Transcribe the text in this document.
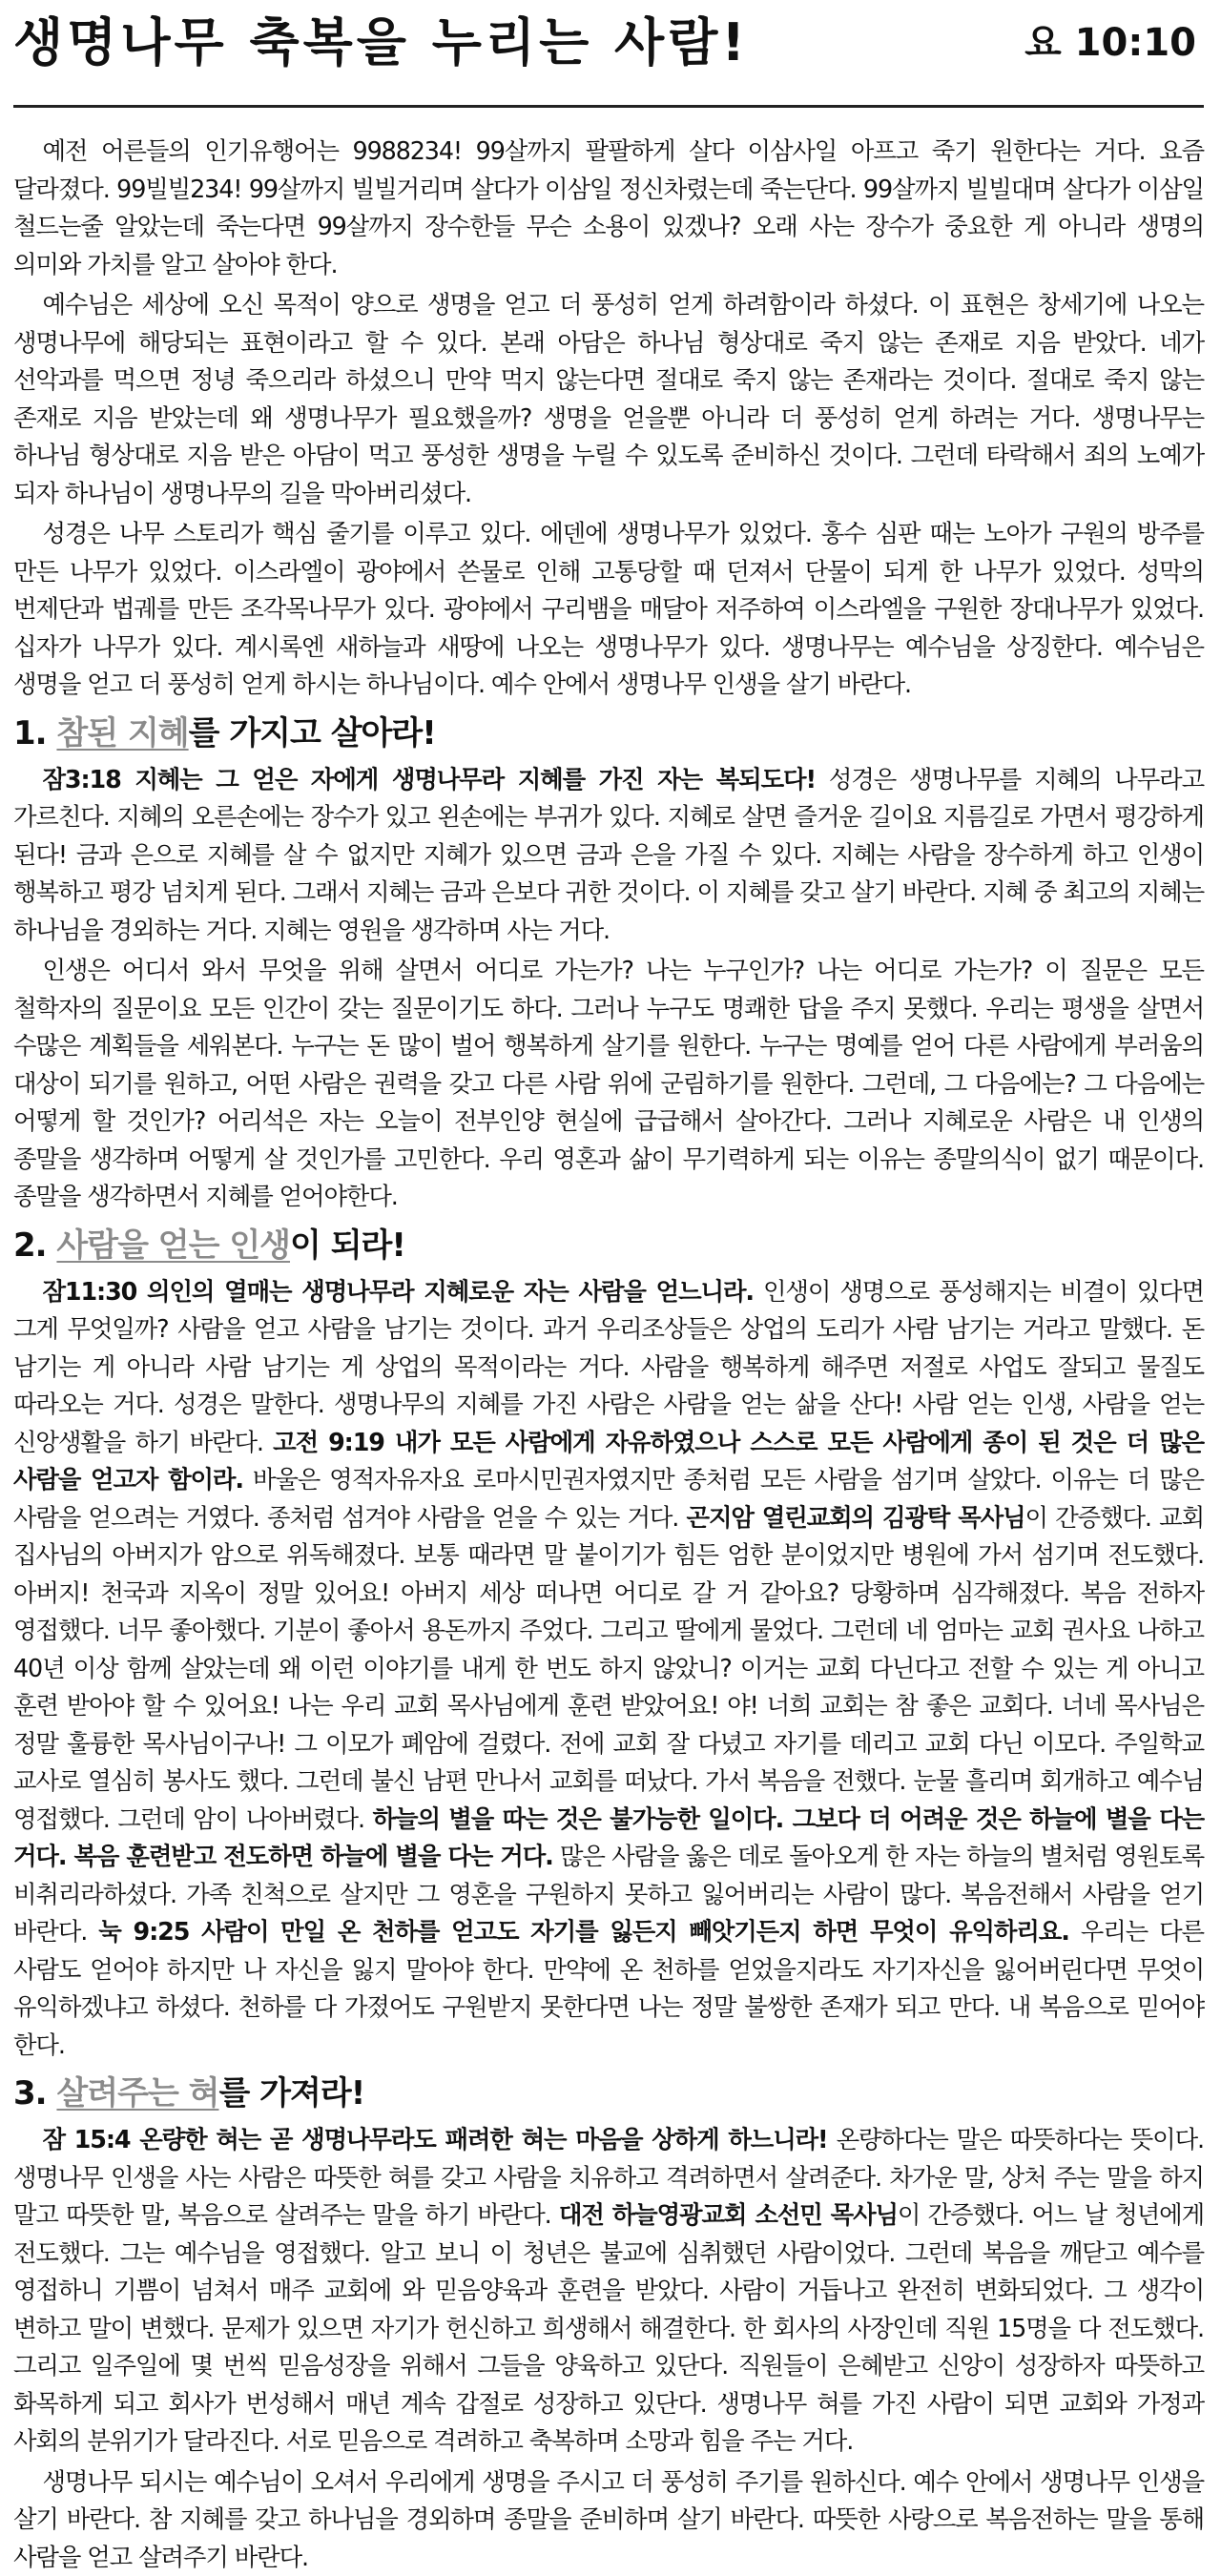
생명나무 축복을 누리는 사람!	요 10:10

예전 어른들의 인기유행어는 9988234! 99살까지 팔팔하게 살다 이삼사일 아프고 죽기 원한다는 거다. 요즘 달라졌다. 99빌빌234! 99살까지 빌빌거리며 살다가 이삼일 정신차렸는데 죽는단다. 99살까지 빌빌대며 살다가 이삼일 철드는줄 알았는데 죽는다면 99살까지 장수한들 무슨 소용이 있겠나? 오래 사는 장수가 중요한 게 아니라 생명의 의미와 가치를 알고 살아야 한다.

예수님은 세상에 오신 목적이 양으로 생명을 얻고 더 풍성히 얻게 하려함이라 하셨다. 이 표현은 창세기에 나오는 생명나무에 해당되는 표현이라고 할 수 있다. 본래 아담은 하나님 형상대로 죽지 않는 존재로 지음 받았다. 네가 선악과를 먹으면 정녕 죽으리라 하셨으니 만약 먹지 않는다면 절대로 죽지 않는 존재라는 것이다. 절대로 죽지 않는 존재로 지음 받았는데 왜 생명나무가 필요했을까? 생명을 얻을뿐 아니라 더 풍성히 얻게 하려는 거다. 생명나무는 하나님 형상대로 지음 받은 아담이 먹고 풍성한 생명을 누릴 수 있도록 준비하신 것이다. 그런데 타락해서 죄의 노예가 되자 하나님이 생명나무의 길을 막아버리셨다.

성경은 나무 스토리가 핵심 줄기를 이루고 있다. 에덴에 생명나무가 있었다. 홍수 심판 때는 노아가 구원의 방주를 만든 나무가 있었다. 이스라엘이 광야에서 쓴물로 인해 고통당할 때 던져서 단물이 되게 한 나무가 있었다. 성막의 번제단과 법궤를 만든 조각목나무가 있다. 광야에서 구리뱀을 매달아 저주하여 이스라엘을 구원한 장대나무가 있었다. 십자가 나무가 있다. 계시록엔 새하늘과 새땅에 나오는 생명나무가 있다. 생명나무는 예수님을 상징한다. 예수님은 생명을 얻고 더 풍성히 얻게 하시는 하나님이다. 예수 안에서 생명나무 인생을 살기 바란다.

1. 참된 지혜를 가지고 살아라!

잠3:18 지혜는 그 얻은 자에게 생명나무라 지혜를 가진 자는 복되도다! 성경은 생명나무를 지혜의 나무라고 가르친다. 지혜의 오른손에는 장수가 있고 왼손에는 부귀가 있다. 지혜로 살면 즐거운 길이요 지름길로 가면서 평강하게 된다! 금과 은으로 지혜를 살 수 없지만 지혜가 있으면 금과 은을 가질 수 있다. 지혜는 사람을 장수하게 하고 인생이 행복하고 평강 넘치게 된다. 그래서 지혜는 금과 은보다 귀한 것이다. 이 지혜를 갖고 살기 바란다. 지혜 중 최고의 지혜는 하나님을 경외하는 거다. 지혜는 영원을 생각하며 사는 거다.

인생은 어디서 와서 무엇을 위해 살면서 어디로 가는가? 나는 누구인가? 나는 어디로 가는가? 이 질문은 모든 철학자의 질문이요 모든 인간이 갖는 질문이기도 하다. 그러나 누구도 명쾌한 답을 주지 못했다. 우리는 평생을 살면서 수많은 계획들을 세워본다. 누구는 돈 많이 벌어 행복하게 살기를 원한다. 누구는 명예를 얻어 다른 사람에게 부러움의 대상이 되기를 원하고, 어떤 사람은 권력을 갖고 다른 사람 위에 군림하기를 원한다. 그런데, 그 다음에는? 그 다음에는 어떻게 할 것인가? 어리석은 자는 오늘이 전부인양 현실에 급급해서 살아간다. 그러나 지혜로운 사람은 내 인생의 종말을 생각하며 어떻게 살 것인가를 고민한다. 우리 영혼과 삶이 무기력하게 되는 이유는 종말의식이 없기 때문이다. 종말을 생각하면서 지혜를 얻어야한다.

2. 사람을 얻는 인생이 되라!

잠11:30 의인의 열매는 생명나무라 지혜로운 자는 사람을 얻느니라. 인생이 생명으로 풍성해지는 비결이 있다면 그게 무엇일까? 사람을 얻고 사람을 남기는 것이다. 과거 우리조상들은 상업의 도리가 사람 남기는 거라고 말했다. 돈 남기는 게 아니라 사람 남기는 게 상업의 목적이라는 거다. 사람을 행복하게 해주면 저절로 사업도 잘되고 물질도 따라오는 거다. 성경은 말한다. 생명나무의 지혜를 가진 사람은 사람을 얻는 삶을 산다! 사람 얻는 인생, 사람을 얻는 신앙생활을 하기 바란다. 고전 9:19 내가 모든 사람에게 자유하였으나 스스로 모든 사람에게 종이 된 것은 더 많은 사람을 얻고자 함이라. 바울은 영적자유자요 로마시민권자였지만 종처럼 모든 사람을 섬기며 살았다. 이유는 더 많은 사람을 얻으려는 거였다. 종처럼 섬겨야 사람을 얻을 수 있는 거다. 곤지암 열린교회의 김광탁 목사님이 간증했다. 교회 집사님의 아버지가 암으로 위독해졌다. 보통 때라면 말 붙이기가 힘든 엄한 분이었지만 병원에 가서 섬기며 전도했다. 아버지! 천국과 지옥이 정말 있어요! 아버지 세상 떠나면 어디로 갈 거 같아요? 당황하며 심각해졌다. 복음 전하자 영접했다. 너무 좋아했다. 기분이 좋아서 용돈까지 주었다. 그리고 딸에게 물었다. 그런데 네 엄마는 교회 권사요 나하고 40년 이상 함께 살았는데 왜 이런 이야기를 내게 한 번도 하지 않았니? 이거는 교회 다닌다고 전할 수 있는 게 아니고 훈련 받아야 할 수 있어요! 나는 우리 교회 목사님에게 훈련 받았어요! 야! 너희 교회는 참 좋은 교회다. 너네 목사님은 정말 훌륭한 목사님이구나! 그 이모가 폐암에 걸렸다. 전에 교회 잘 다녔고 자기를 데리고 교회 다닌 이모다. 주일학교 교사로 열심히 봉사도 했다. 그런데 불신 남편 만나서 교회를 떠났다. 가서 복음을 전했다. 눈물 흘리며 회개하고 예수님 영접했다. 그런데 암이 나아버렸다. 하늘의 별을 따는 것은 불가능한 일이다. 그보다 더 어려운 것은 하늘에 별을 다는 거다. 복음 훈련받고 전도하면 하늘에 별을 다는 거다. 많은 사람을 옳은 데로 돌아오게 한 자는 하늘의 별처럼 영원토록 비취리라하셨다. 가족 친척으로 살지만 그 영혼을 구원하지 못하고 잃어버리는 사람이 많다. 복음전해서 사람을 얻기 바란다. 눅 9:25 사람이 만일 온 천하를 얻고도 자기를 잃든지 빼앗기든지 하면 무엇이 유익하리요. 우리는 다른 사람도 얻어야 하지만 나 자신을 잃지 말아야 한다. 만약에 온 천하를 얻었을지라도 자기자신을 잃어버린다면 무엇이 유익하겠냐고 하셨다. 천하를 다 가졌어도 구원받지 못한다면 나는 정말 불쌍한 존재가 되고 만다. 내 복음으로 믿어야 한다.

3. 살려주는 혀를 가져라!

잠 15:4 온량한 혀는 곧 생명나무라도 패려한 혀는 마음을 상하게 하느니라! 온량하다는 말은 따뜻하다는 뜻이다. 생명나무 인생을 사는 사람은 따뜻한 혀를 갖고 사람을 치유하고 격려하면서 살려준다. 차가운 말, 상처 주는 말을 하지 말고 따뜻한 말, 복음으로 살려주는 말을 하기 바란다. 대전 하늘영광교회 소선민 목사님이 간증했다. 어느 날 청년에게 전도했다. 그는 예수님을 영접했다. 알고 보니 이 청년은 불교에 심취했던 사람이었다. 그런데 복음을 깨닫고 예수를 영접하니 기쁨이 넘쳐서 매주 교회에 와 믿음양육과 훈련을 받았다. 사람이 거듭나고 완전히 변화되었다. 그 생각이 변하고 말이 변했다. 문제가 있으면 자기가 헌신하고 희생해서 해결한다. 한 회사의 사장인데 직원 15명을 다 전도했다. 그리고 일주일에 몇 번씩 믿음성장을 위해서 그들을 양육하고 있단다. 직원들이 은혜받고 신앙이 성장하자 따뜻하고 화목하게 되고 회사가 번성해서 매년 계속 갑절로 성장하고 있단다. 생명나무 혀를 가진 사람이 되면 교회와 가정과 사회의 분위기가 달라진다. 서로 믿음으로 격려하고 축복하며 소망과 힘을 주는 거다.

생명나무 되시는 예수님이 오셔서 우리에게 생명을 주시고 더 풍성히 주기를 원하신다. 예수 안에서 생명나무 인생을 살기 바란다. 참 지혜를 갖고 하나님을 경외하며 종말을 준비하며 살기 바란다. 따뜻한 사랑으로 복음전하는 말을 통해 사람을 얻고 살려주기 바란다.
